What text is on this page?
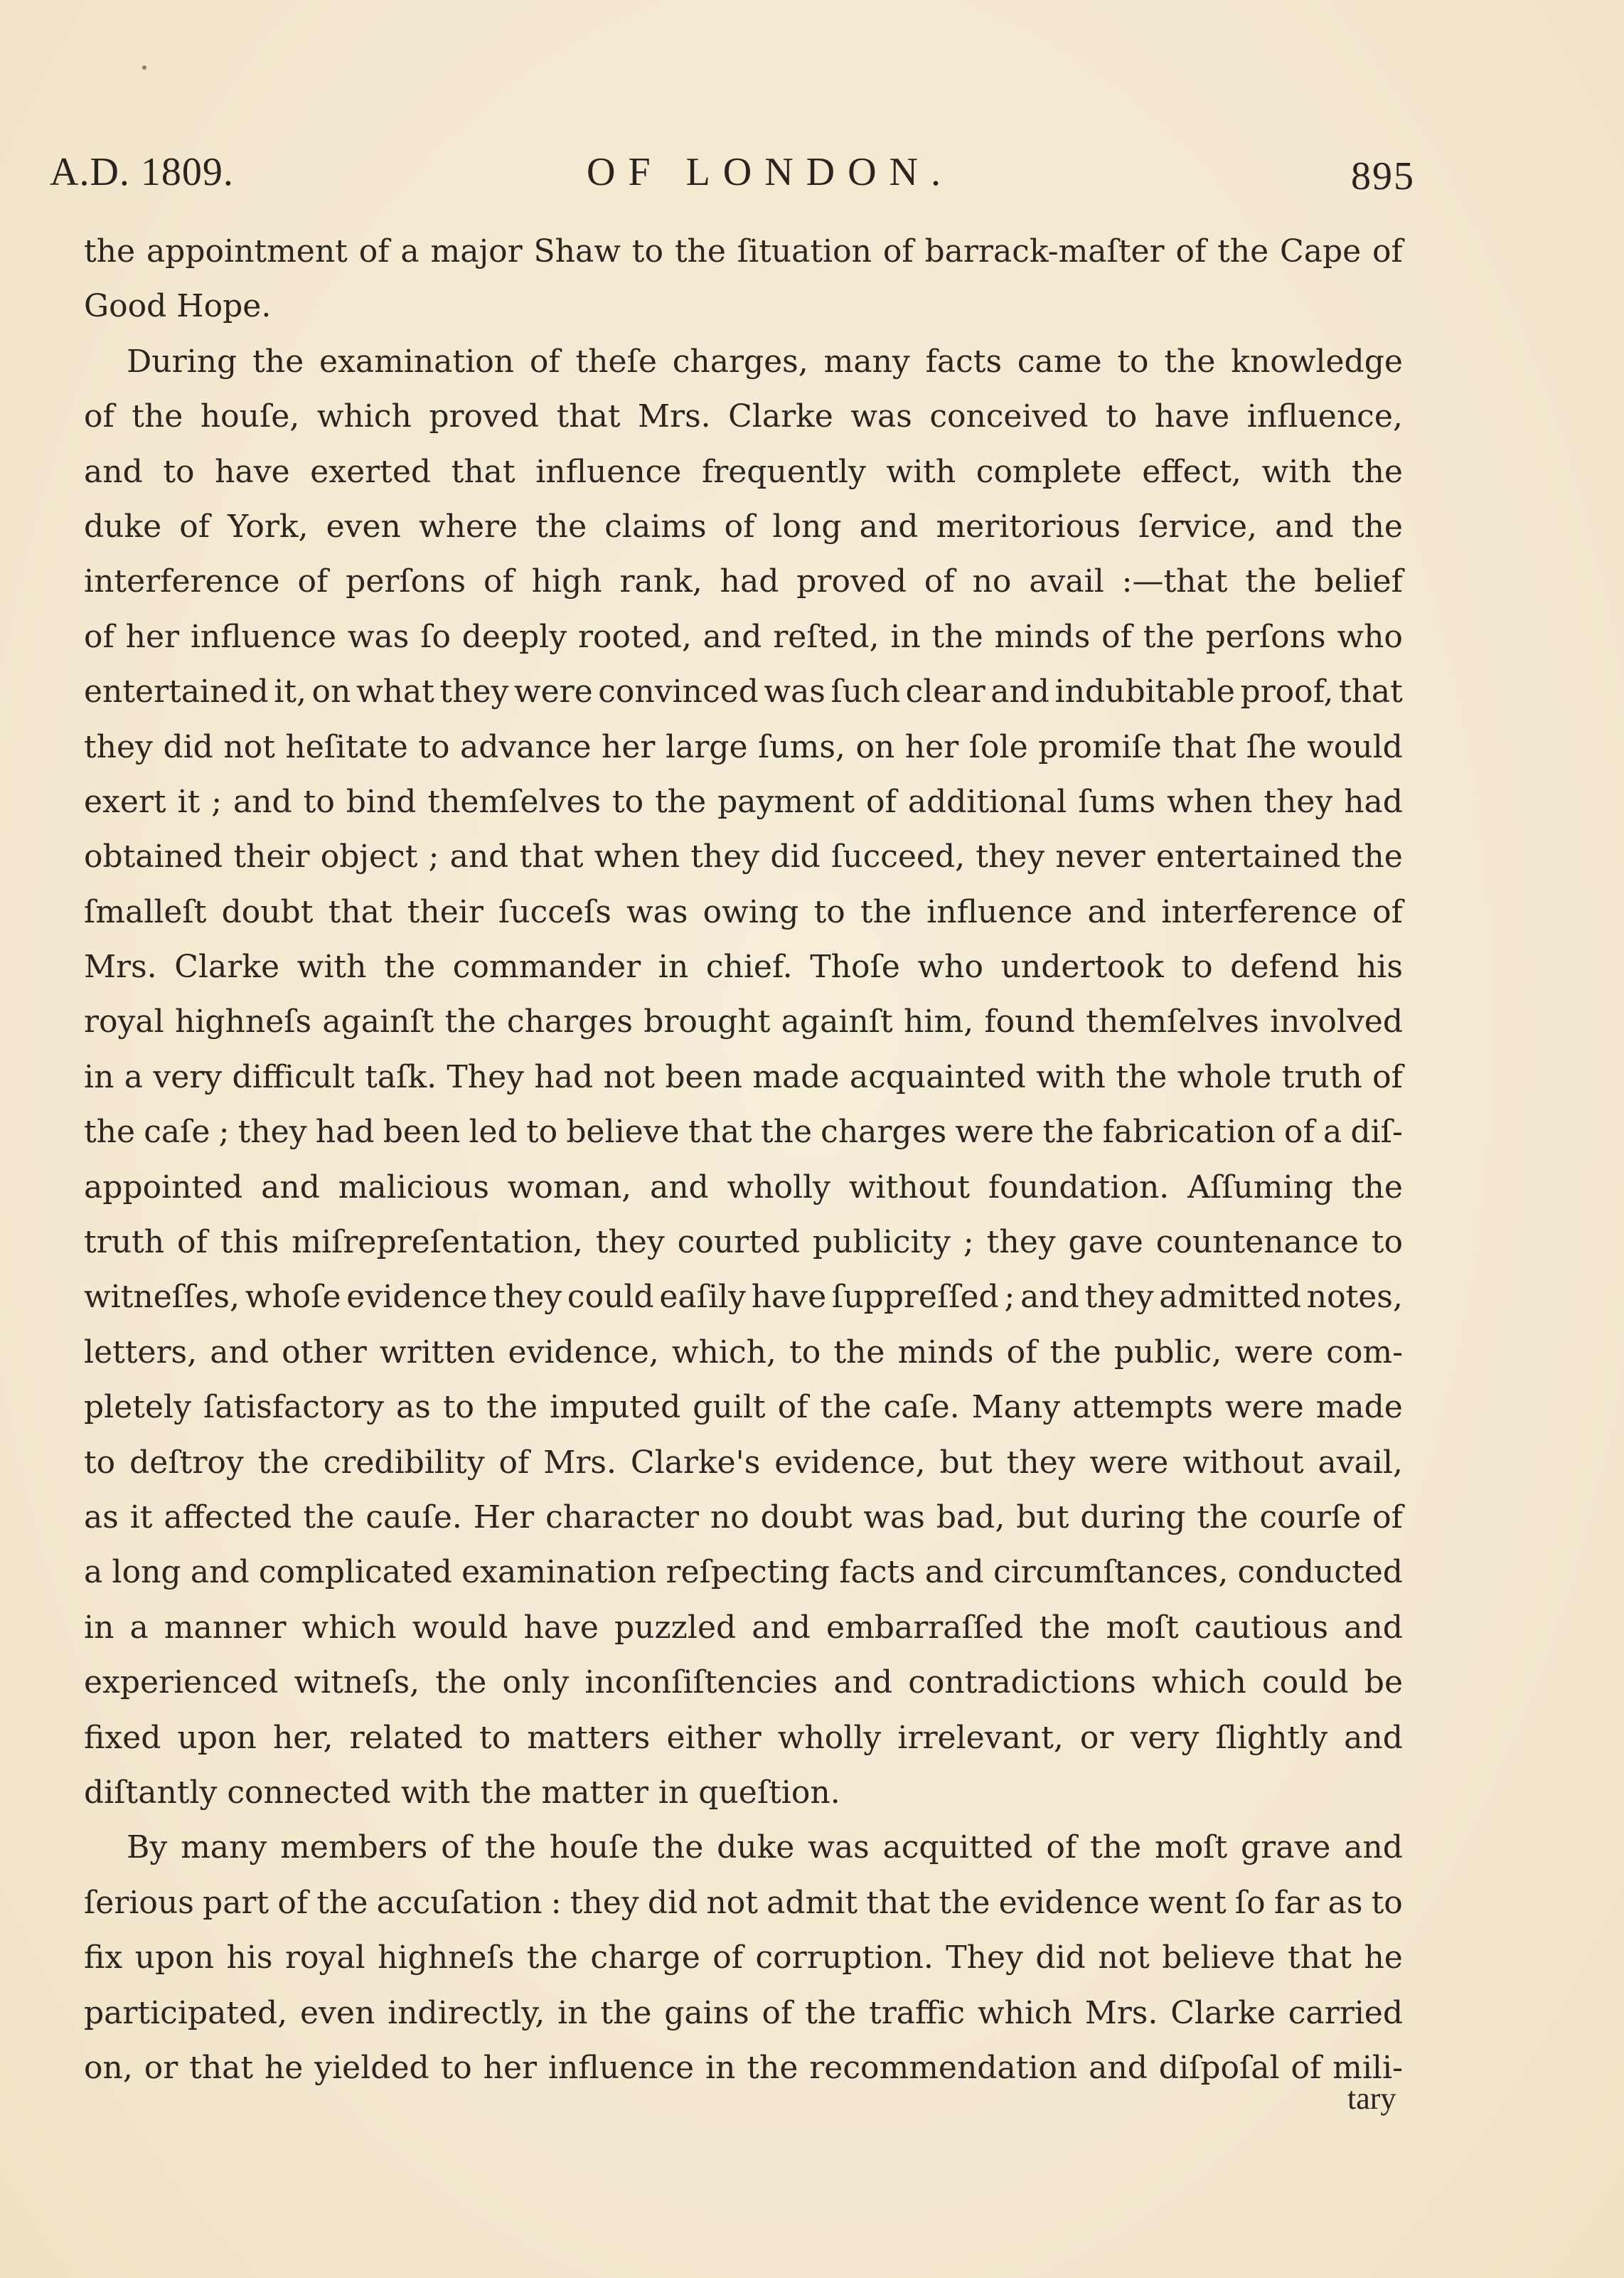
A.D. 1809.	OF LONDON.	895
the appointment of a major Shaw to the ſituation of barrack-maſter of the Cape of
Good Hope.
During the examination of theſe charges, many facts came to the knowledge
of the houſe, which proved that Mrs. Clarke was conceived to have influence,
and to have exerted that influence frequently with complete effect, with the
duke of York, even where the claims of long and meritorious ſervice, and the
interference of perſons of high rank, had proved of no avail :—that the belief
of her influence was ſo deeply rooted, and reſted, in the minds of the perſons who
entertained it, on what they were convinced was ſuch clear and indubitable proof, that
they did not heſitate to advance her large ſums, on her ſole promiſe that ſhe would
exert it ; and to bind themſelves to the payment of additional ſums when they had
obtained their object ; and that when they did ſucceed, they never entertained the
ſmalleſt doubt that their ſucceſs was owing to the influence and interference of
Mrs. Clarke with the commander in chief. Thoſe who undertook to defend his
royal highneſs againſt the charges brought againſt him, found themſelves involved
in a very difficult taſk. They had not been made acquainted with the whole truth of
the caſe ; they had been led to believe that the charges were the fabrication of a diſ-
appointed and malicious woman, and wholly without foundation. Aſſuming the
truth of this miſrepreſentation, they courted publicity ; they gave countenance to
witneſſes, whoſe evidence they could eaſily have ſuppreſſed ; and they admitted notes,
letters, and other written evidence, which, to the minds of the public, were com-
pletely ſatisfactory as to the imputed guilt of the caſe. Many attempts were made
to deſtroy the credibility of Mrs. Clarke's evidence, but they were without avail,
as it affected the cauſe. Her character no doubt was bad, but during the courſe of
a long and complicated examination reſpecting facts and circumſtances, conducted
in a manner which would have puzzled and embarraſſed the moſt cautious and
experienced witneſs, the only inconſiſtencies and contradictions which could be
fixed upon her, related to matters either wholly irrelevant, or very ſlightly and
diſtantly connected with the matter in queſtion.
By many members of the houſe the duke was acquitted of the moſt grave and
ſerious part of the accuſation : they did not admit that the evidence went ſo far as to
fix upon his royal highneſs the charge of corruption. They did not believe that he
participated, even indirectly, in the gains of the traffic which Mrs. Clarke carried
on, or that he yielded to her influence in the recommendation and diſpoſal of mili-
tary
